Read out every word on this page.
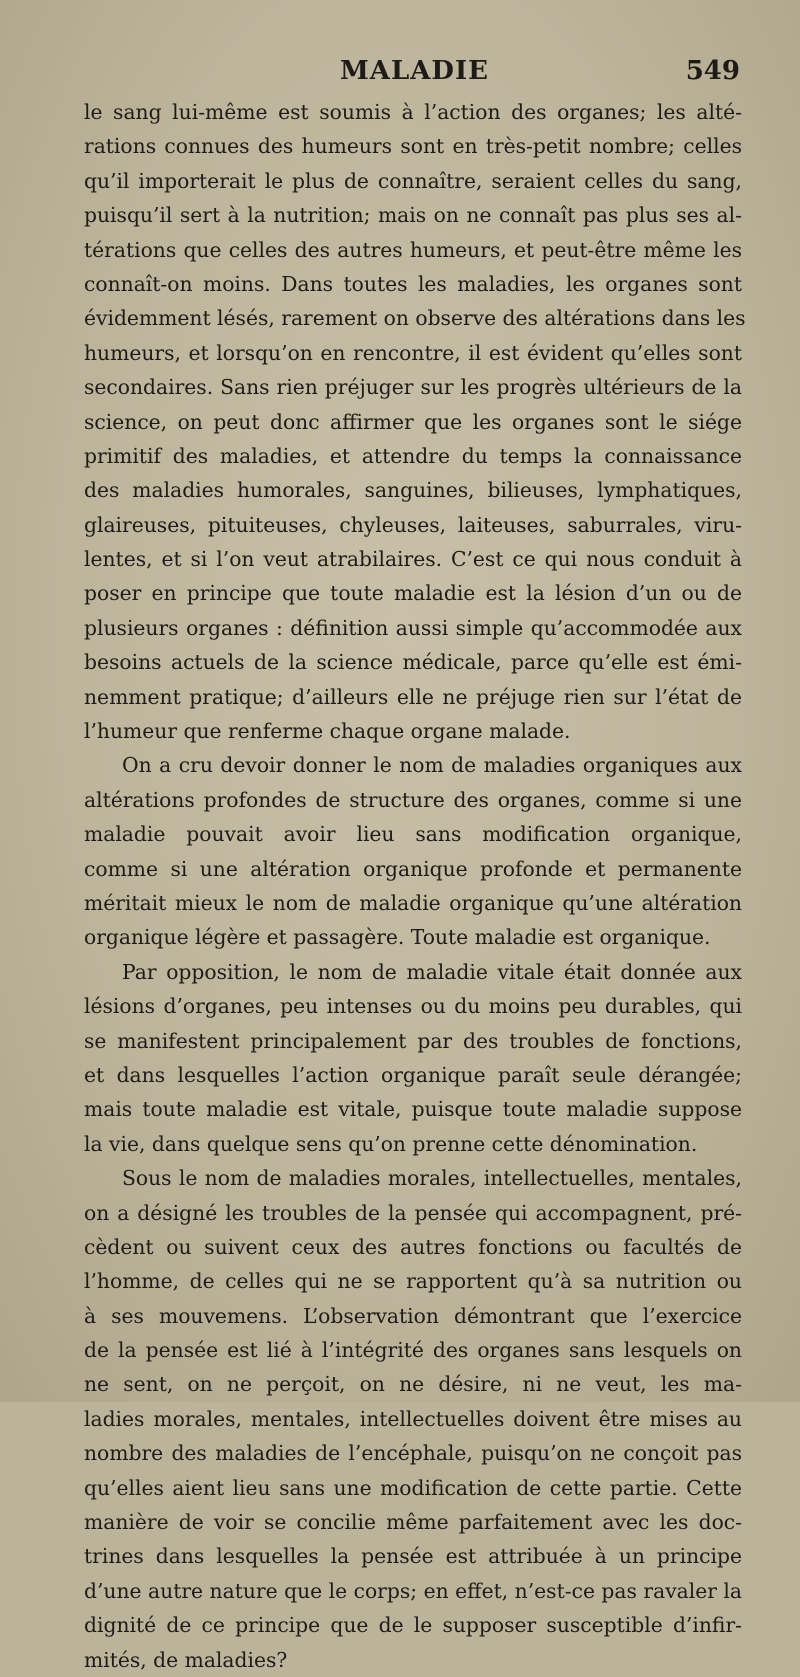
MALADIE	549
le sang lui-même est soumis à l’action des organes; les alté-
rations connues des humeurs sont en très-petit nombre; celles
qu’il importerait le plus de connaître, seraient celles du sang,
puisqu’il sert à la nutrition; mais on ne connaît pas plus ses al-
térations que celles des autres humeurs, et peut-être même les
connaît-on moins. Dans toutes les maladies, les organes sont
évidemment lésés, rarement on observe des altérations dans les
humeurs, et lorsqu’on en rencontre, il est évident qu’elles sont
secondaires. Sans rien préjuger sur les progrès ultérieurs de la
science, on peut donc affirmer que les organes sont le siége
primitif des maladies, et attendre du temps la connaissance
des maladies humorales, sanguines, bilieuses, lymphatiques,
glaireuses, pituiteuses, chyleuses, laiteuses, saburrales, viru-
lentes, et si l’on veut atrabilaires. C’est ce qui nous conduit à
poser en principe que toute maladie est la lésion d’un ou de
plusieurs organes : définition aussi simple qu’accommodée aux
besoins actuels de la science médicale, parce qu’elle est émi-
nemment pratique; d’ailleurs elle ne préjuge rien sur l’état de
l’humeur que renferme chaque organe malade.
On a cru devoir donner le nom de maladies organiques aux
altérations profondes de structure des organes, comme si une
maladie pouvait avoir lieu sans modification organique,
comme si une altération organique profonde et permanente
méritait mieux le nom de maladie organique qu’une altération
organique légère et passagère. Toute maladie est organique.
Par opposition, le nom de maladie vitale était donnée aux
lésions d’organes, peu intenses ou du moins peu durables, qui
se manifestent principalement par des troubles de fonctions,
et dans lesquelles l’action organique paraît seule dérangée;
mais toute maladie est vitale, puisque toute maladie suppose
la vie, dans quelque sens qu’on prenne cette dénomination.
Sous le nom de maladies morales, intellectuelles, mentales,
on a désigné les troubles de la pensée qui accompagnent, pré-
cèdent ou suivent ceux des autres fonctions ou facultés de
l’homme, de celles qui ne se rapportent qu’à sa nutrition ou
à ses mouvemens. L’observation démontrant que l’exercice
de la pensée est lié à l’intégrité des organes sans lesquels on
ne sent, on ne perçoit, on ne désire, ni ne veut, les ma-
ladies morales, mentales, intellectuelles doivent être mises au
nombre des maladies de l’encéphale, puisqu’on ne conçoit pas
qu’elles aient lieu sans une modification de cette partie. Cette
manière de voir se concilie même parfaitement avec les doc-
trines dans lesquelles la pensée est attribuée à un principe
d’une autre nature que le corps; en effet, n’est-ce pas ravaler la
dignité de ce principe que de le supposer susceptible d’infir-
mités, de maladies?
